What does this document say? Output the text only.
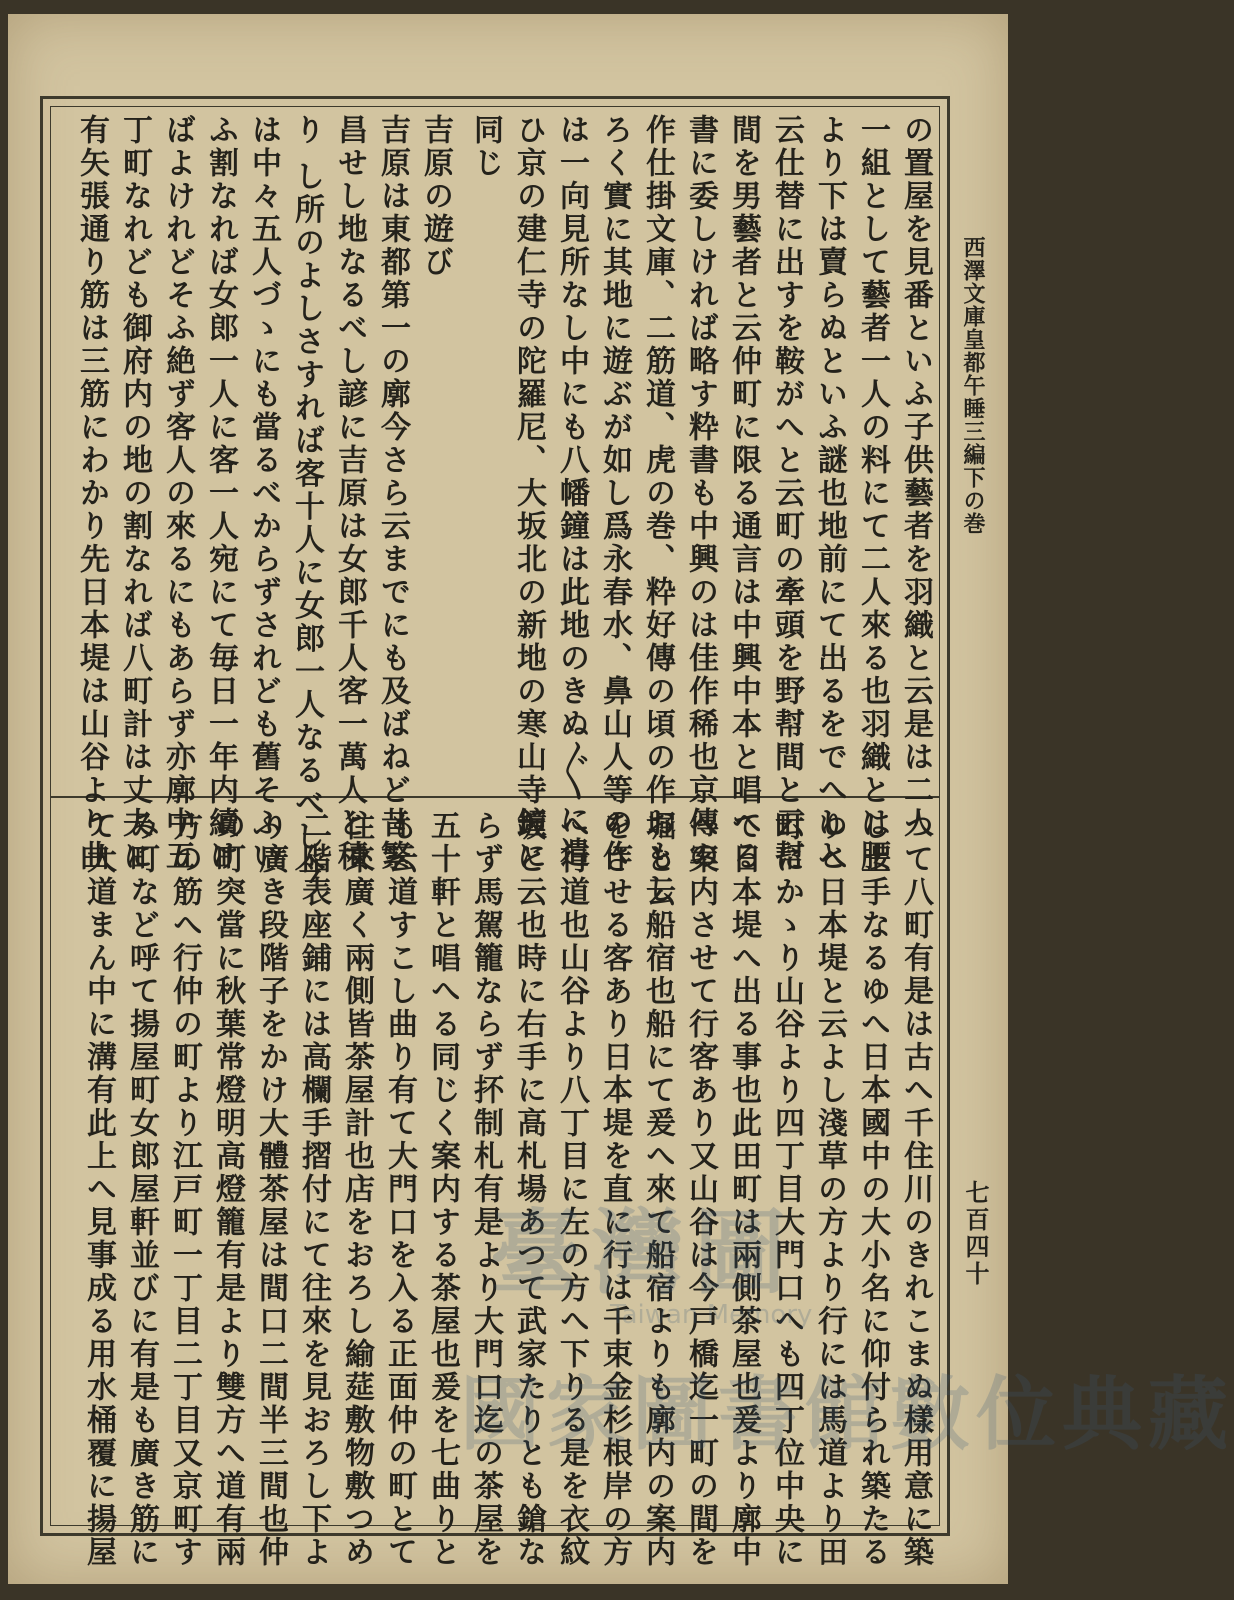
西澤文庫皇都午睡三編下の巻
七百四十
の置屋を見番といふ子供藝者を羽織と云是は二人
一組として藝者一人の料にて二人來る也羽織とは腰
より下は賣らぬといふ謎也地前にて出るをでへしと
云仕替に出すを鞍がへと云町の牽頭を野幇間と云幇
間を男藝者と云仲町に限る通言は中興中本と唱へる
書に委しければ略す粋書も中興のは佳作稀也京傳の
作仕掛文庫、二筋道、虎の巻、粋好傳の頃の作おもし
ろく實に其地に遊ぶが如し爲永春水、鼻山人等の作
は一向見所なし中にも八幡鐘は此地のきぬ〴〵に遣
ひ京の建仁寺の陀羅尼、大坂北の新地の寒山寺鐘に
同じ
吉原の遊び
吉原は東都第一の廓今さら云までにも及ばねど昔繁
昌せし地なるべし諺に吉原は女郎千人客一萬人と積
り し所のよしさすれば客十人に女郎一人なるべし今
は中々五人づゝにも當るべからずされども舊そふい
ふ割なれば女郎一人に客一人宛にて毎日一年内續け
ばよけれどそふ絶ず客人の來るにもあらず亦廓中五
丁町なれども御府内の地の割なれば八町計は丈夫に
有矢張通り筋は三筋にわかり先日本堤は山谷より曲
つて八町有是は古へ千住川のきれこまぬ樣用意に築
し土手なるゆへ日本國中の大小名に仰付られ築たる
ゆへ日本堤と云よし淺草の方より行には馬道より田
町にかゝり山谷より四丁目大門口へも四丁位中央に
て日本堤へ出る事也此田町は兩側茶屋也爰より廓中
へ案内させて行客あり又山谷は今戸橋迄一町の間を
堀と云船宿也船にて爰へ來て船宿よりも廓内の案内
をさせる客あり日本堤を直に行は千束金杉根岸の方
へ行道也山谷より八丁目に左の方へ下りる是を衣紋
坂と云也時に右手に高札場あつて武家たりとも鎗な
らず馬駕籠ならず抔制札有是より大門口迄の茶屋を
五十軒と唱へる同じく案内する茶屋也爰を七曲りと
も云道すこし曲り有て大門口を入る正面仲の町とて
往來廣く兩側皆茶屋計也店をおろし緰莚敷物敷つめ
二階表座鋪には高欄手摺付にて往來を見おろし下よ
り廣き段階子をかけ大體茶屋は間口二間半三間也仲
の町突當に秋葉常燈明高燈籠有是より雙方へ道有兩
方の筋へ行仲の町より江戸町一丁目二丁目又京町す
み町など呼て揚屋町女郎屋軒並びに有是も廣き筋に
て大道まん中に溝有此上へ見事成る用水桶覆に揚屋	臺灣圖
Taiwan Memory
國家圖書館數位典藏
